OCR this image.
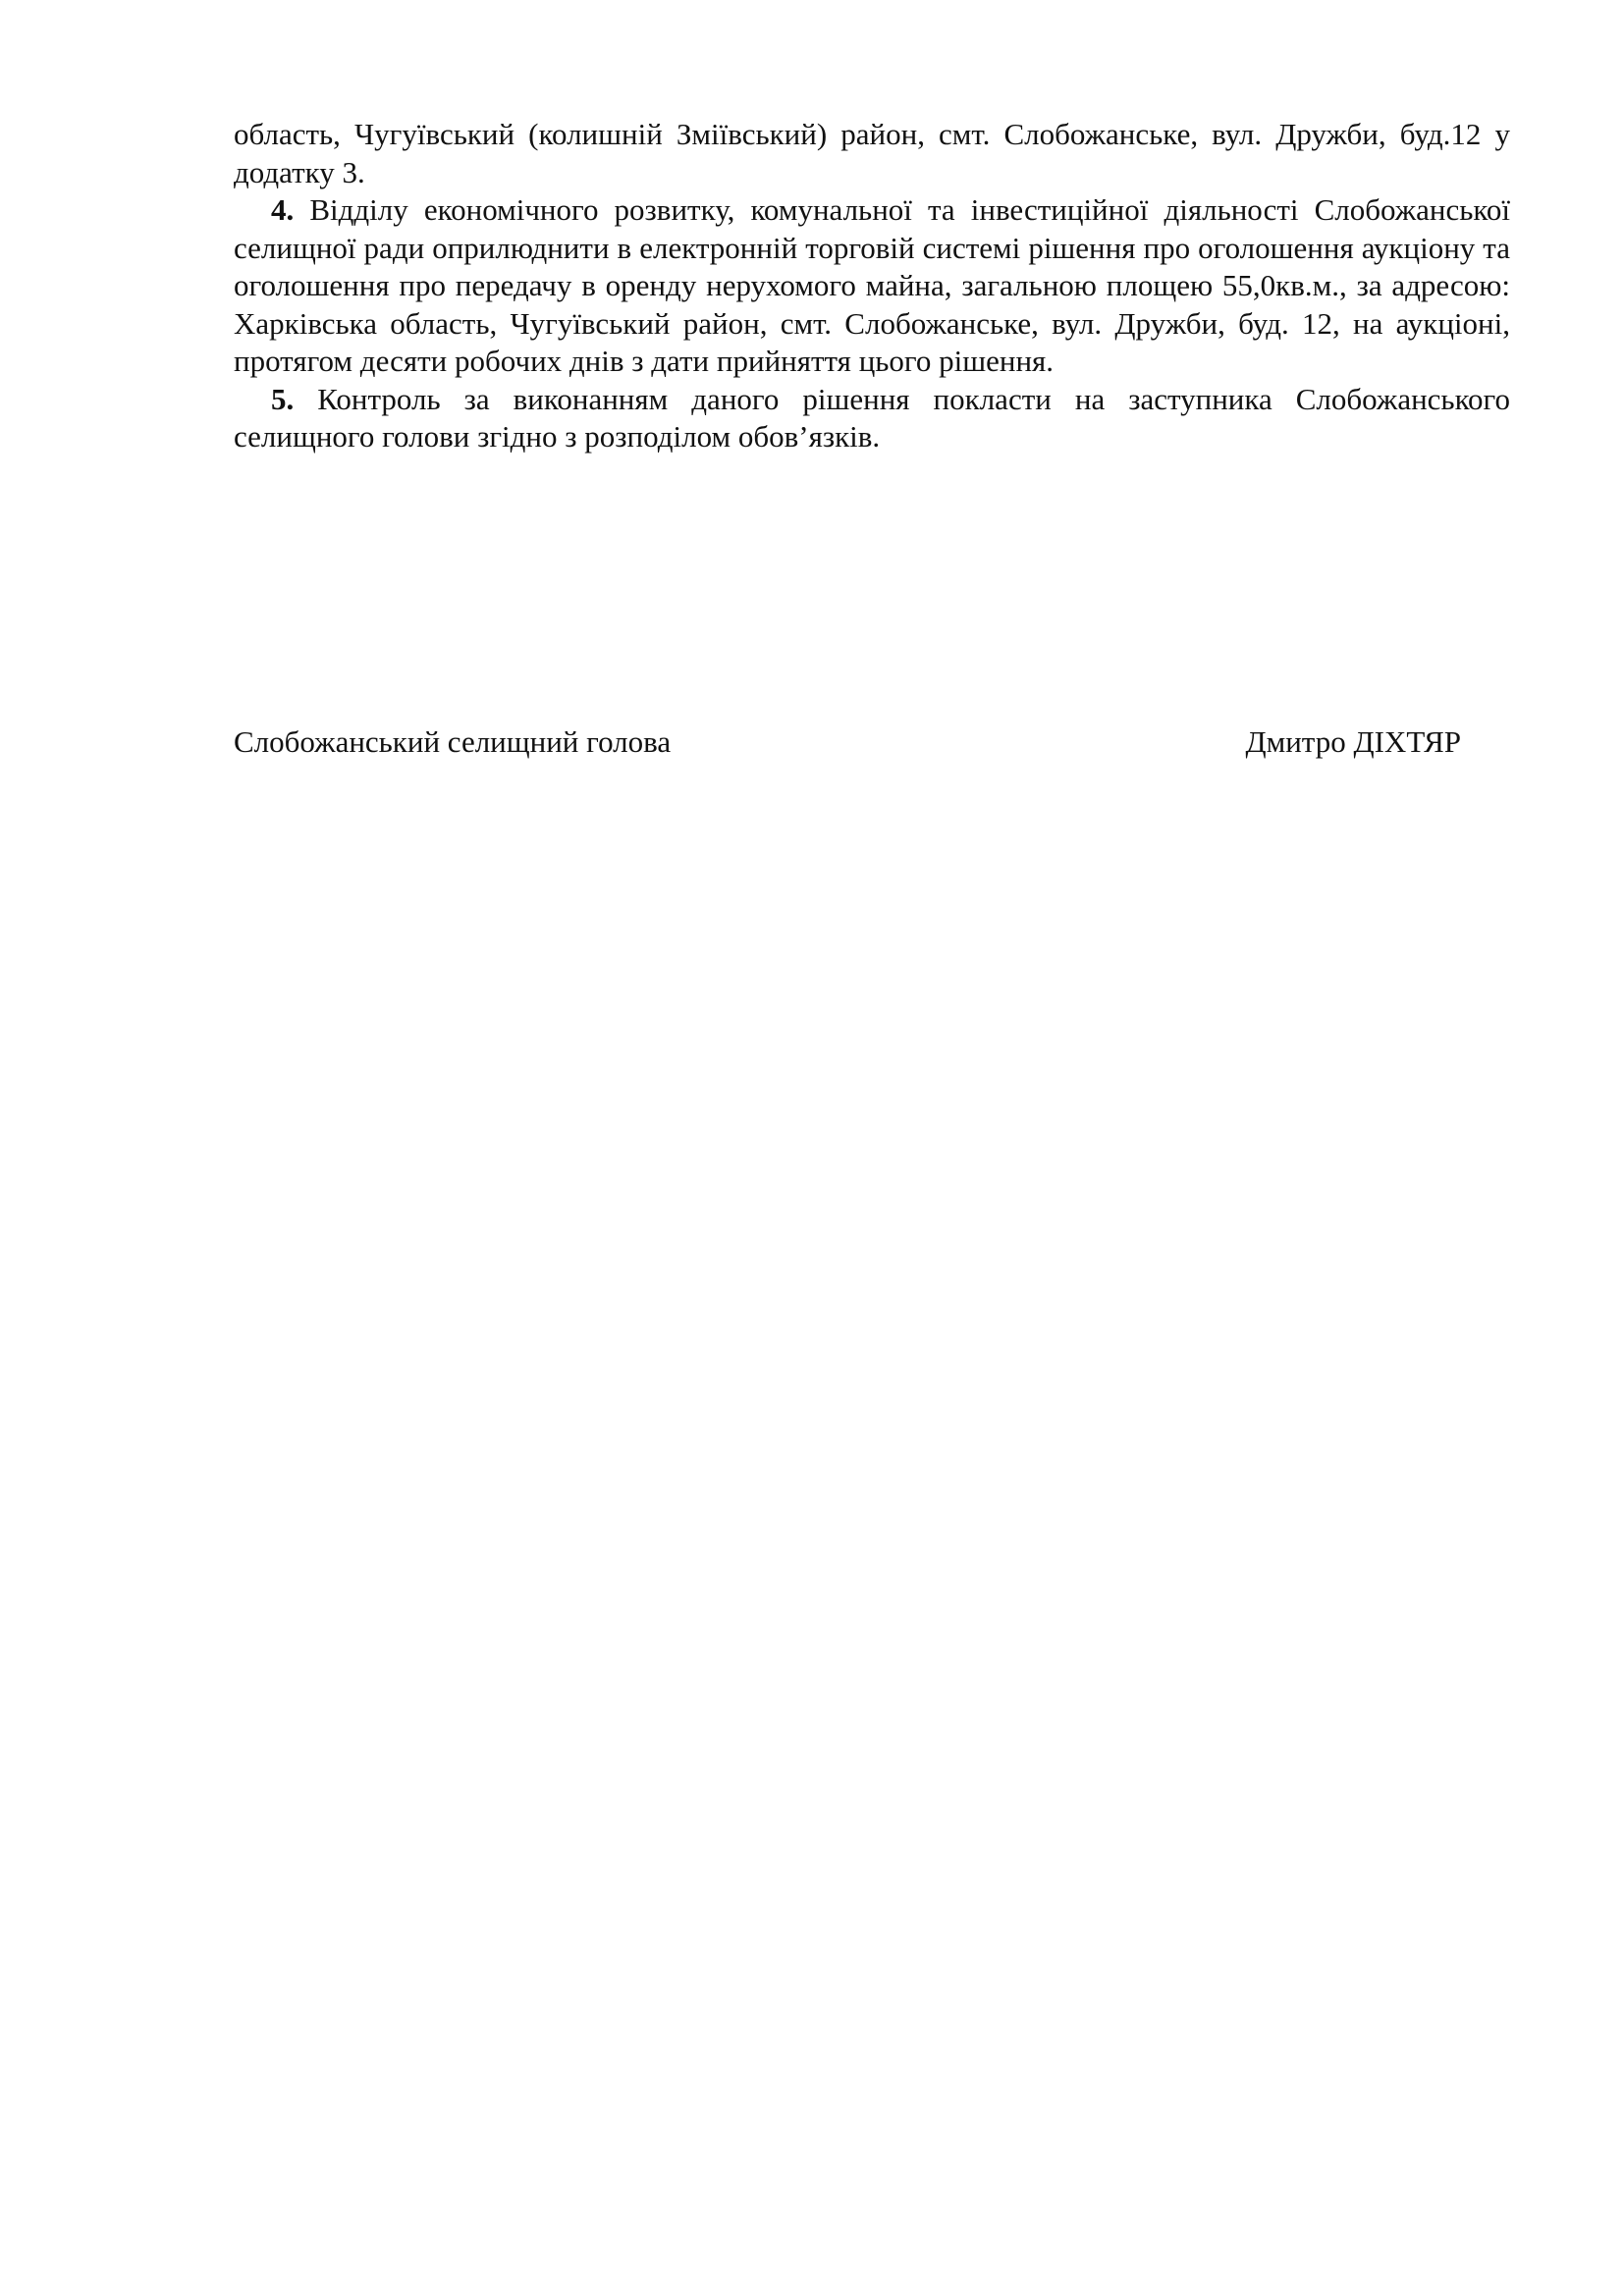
область, Чугуївський (колишній Зміївський) район, смт. Слобожанське, вул. Дружби, буд.12 у додатку 3.

4. Відділу економічного розвитку, комунальної та інвестиційної діяльності Слобожанської селищної ради оприлюднити в електронній торговій системі рішення про оголошення аукціону та оголошення про передачу в оренду нерухомого майна, загальною площею 55,0кв.м., за адресою: Харківська область, Чугуївський район, смт. Слобожанське, вул. Дружби, буд. 12, на аукціоні, протягом десяти робочих днів з дати прийняття цього рішення.

5. Контроль за виконанням даного рішення покласти на заступника Слобожанського селищного голови згідно з розподілом обов’язків.

Слобожанський селищний голова	Дмитро ДІХТЯР
